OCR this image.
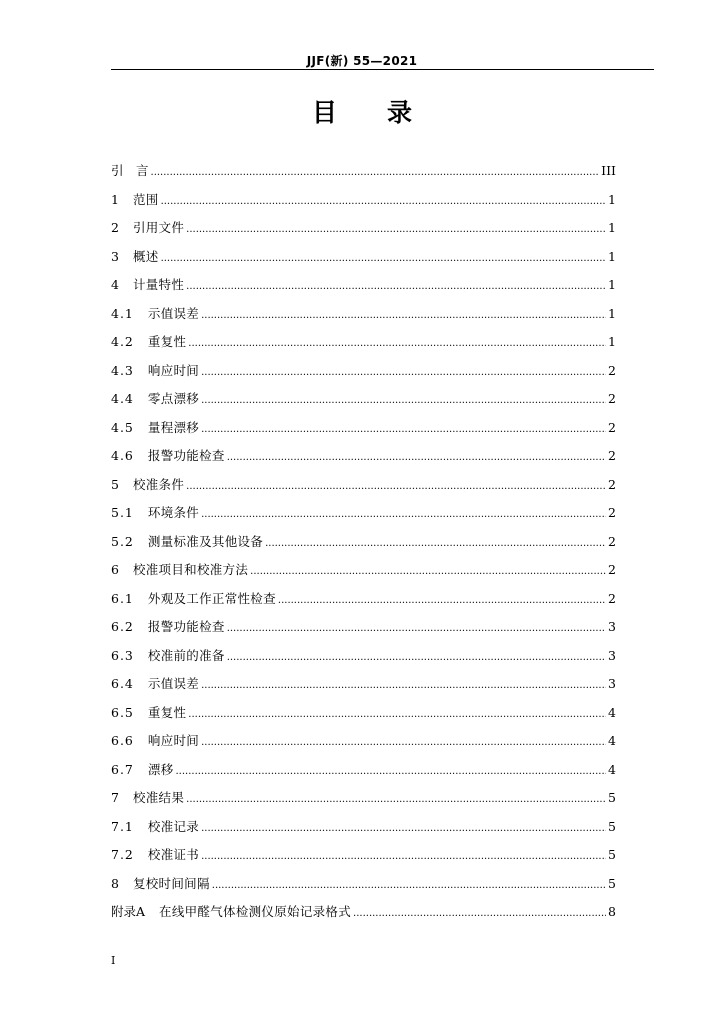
JJF(新) 55—2021
目　　录
引　言 .....	III
1 范围 .....	1
2 引用文件 .....	1
3 概述 .....	1
4 计量特性 .....	1
4.1 示值误差 .....	1
4.2 重复性 .....	1
4.3 响应时间 .....	2
4.4 零点漂移 .....	2
4.5 量程漂移 .....	2
4.6 报警功能检查 .....	2
5 校准条件 .....	2
5.1 环境条件 .....	2
5.2 测量标准及其他设备 .....	2
6 校准项目和校准方法 .....	2
6.1 外观及工作正常性检查 .....	2
6.2 报警功能检查 .....	3
6.3 校准前的准备 .....	3
6.4 示值误差 .....	3
6.5 重复性 .....	4
6.6 响应时间 .....	4
6.7 漂移 .....	4
7 校准结果 .....	5
7.1 校准记录 .....	5
7.2 校准证书 .....	5
8 复校时间间隔 .....	5
附录A 在线甲醛气体检测仪原始记录格式 .....	8
I
